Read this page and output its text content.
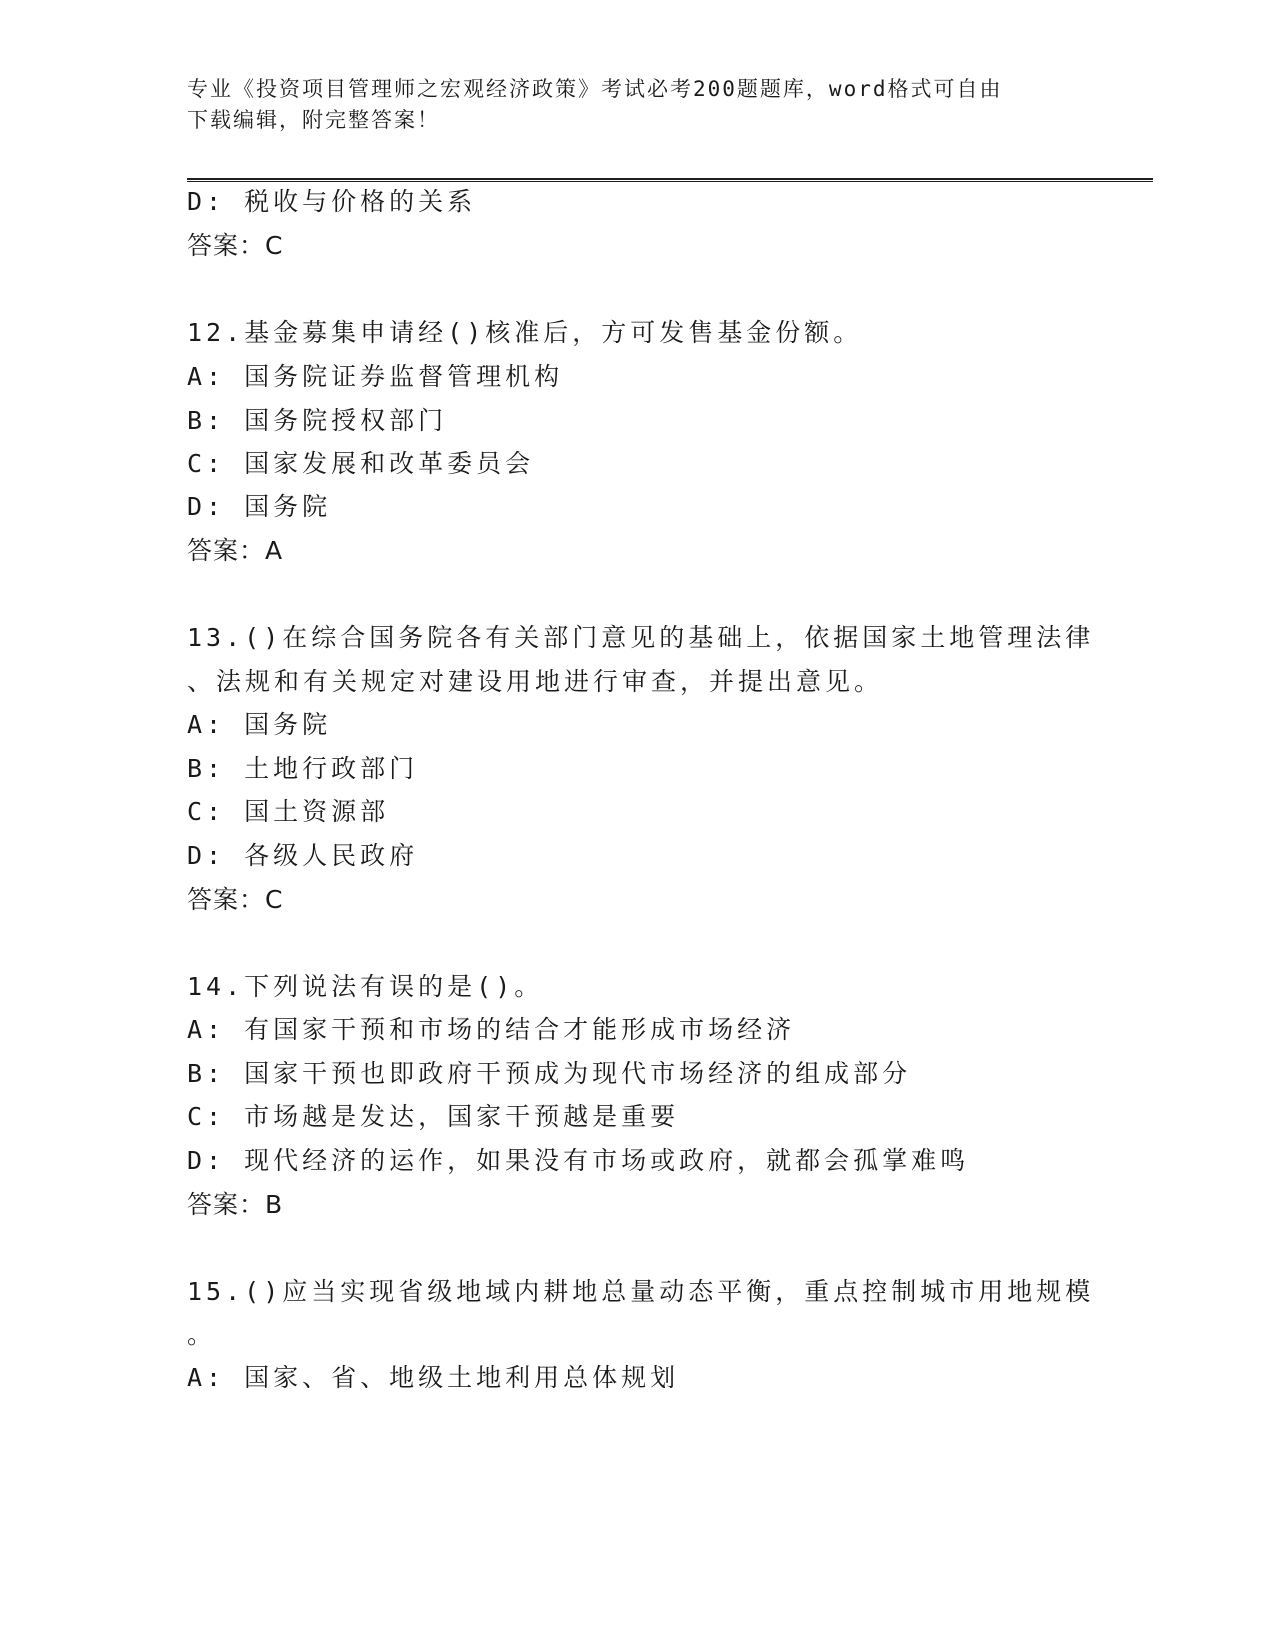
专业《投资项目管理师之宏观经济政策》考试必考200题题库，word格式可自由
下载编辑，附完整答案！
D: 税收与价格的关系
答案：C
12.基金募集申请经()核准后，方可发售基金份额。
A: 国务院证券监督管理机构
B: 国务院授权部门
C: 国家发展和改革委员会
D: 国务院
答案：A
13.()在综合国务院各有关部门意见的基础上，依据国家土地管理法律
、法规和有关规定对建设用地进行审查，并提出意见。
A: 国务院
B: 土地行政部门
C: 国土资源部
D: 各级人民政府
答案：C
14.下列说法有误的是()。
A: 有国家干预和市场的结合才能形成市场经济
B: 国家干预也即政府干预成为现代市场经济的组成部分
C: 市场越是发达，国家干预越是重要
D: 现代经济的运作，如果没有市场或政府，就都会孤掌难鸣
答案：B
15.()应当实现省级地域内耕地总量动态平衡，重点控制城市用地规模
。
A: 国家、省、地级土地利用总体规划
